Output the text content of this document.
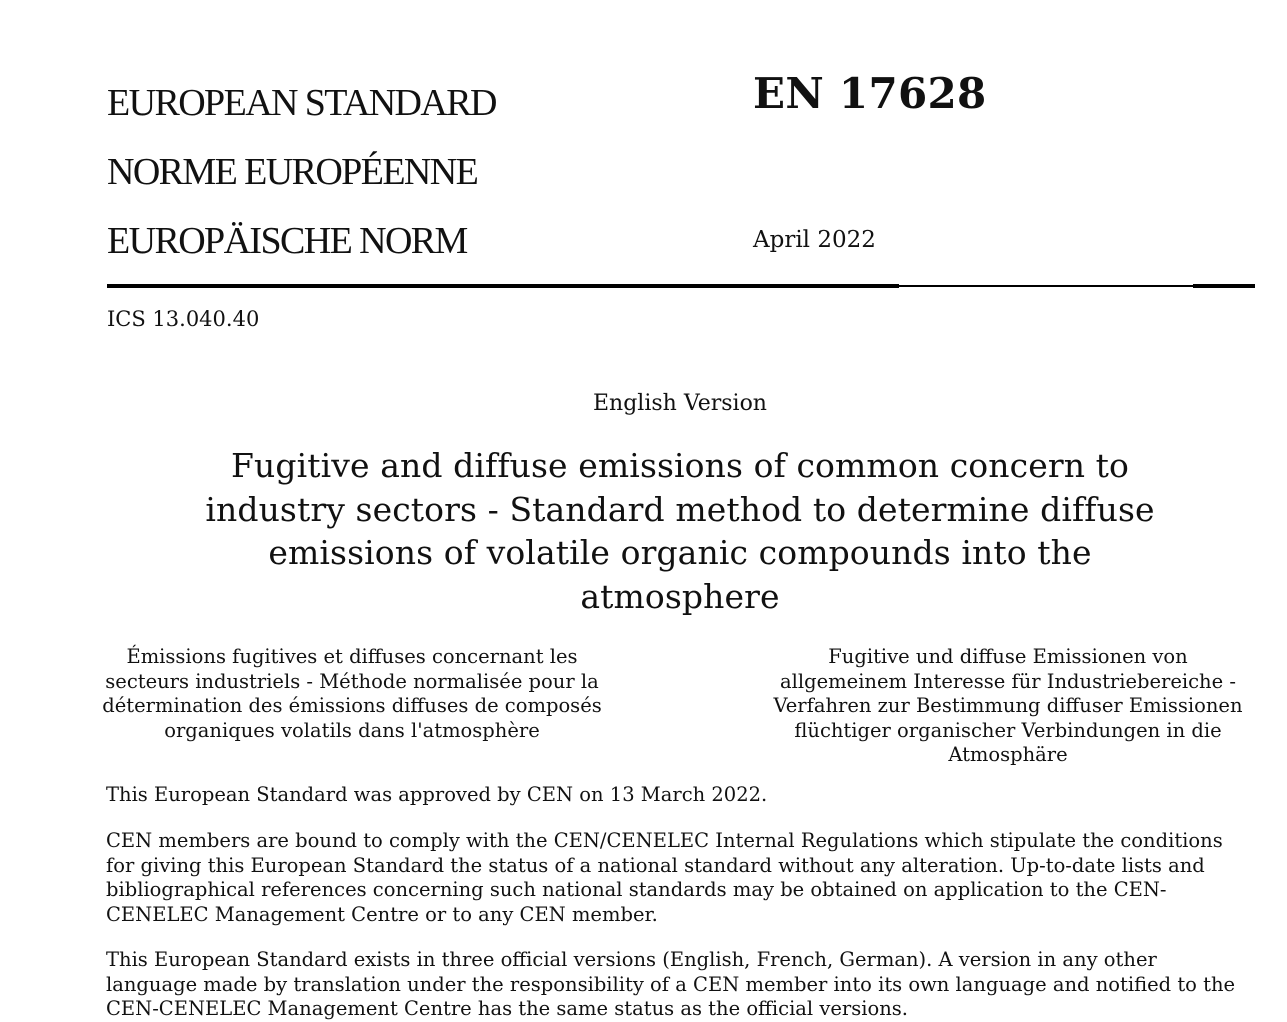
EUROPEAN STANDARD
NORME EUROPÉENNE
EUROPÄISCHE NORM
EN 17628
April 2022
ICS 13.040.40
English Version
Fugitive and diffuse emissions of common concern to industry sectors - Standard method to determine diffuse emissions of volatile organic compounds into the atmosphere
Émissions fugitives et diffuses concernant les secteurs industriels - Méthode normalisée pour la détermination des émissions diffuses de composés organiques volatils dans l'atmosphère
Fugitive und diffuse Emissionen von allgemeinem Interesse für Industriebereiche - Verfahren zur Bestimmung diffuser Emissionen flüchtiger organischer Verbindungen in die Atmosphäre
This European Standard was approved by CEN on 13 March 2022.
CEN members are bound to comply with the CEN/CENELEC Internal Regulations which stipulate the conditions for giving this European Standard the status of a national standard without any alteration. Up-to-date lists and bibliographical references concerning such national standards may be obtained on application to the CEN-CENELEC Management Centre or to any CEN member.
This European Standard exists in three official versions (English, French, German). A version in any other language made by translation under the responsibility of a CEN member into its own language and notified to the CEN-CENELEC Management Centre has the same status as the official versions.
